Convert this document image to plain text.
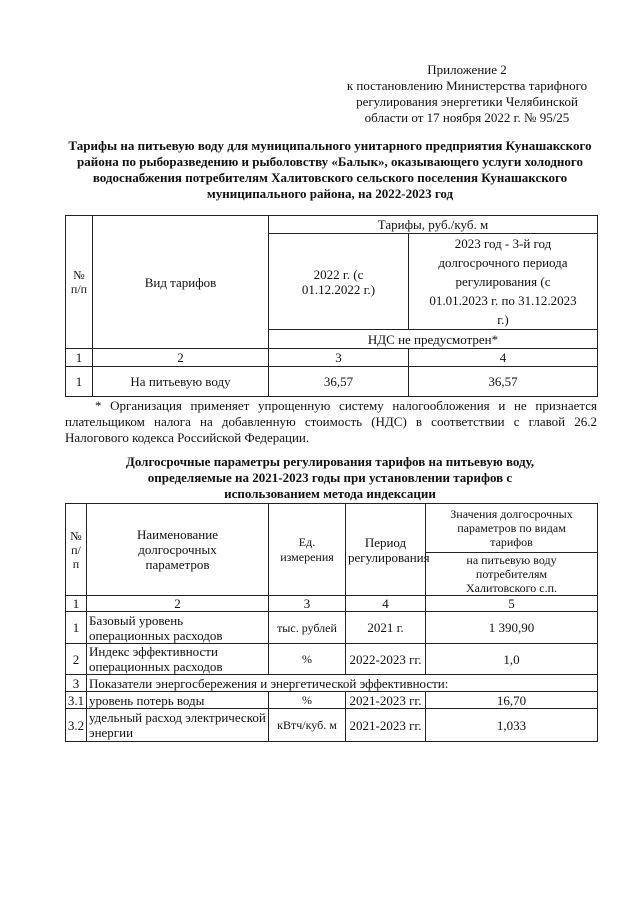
Приложение 2
к постановлению Министерства тарифного
регулирования энергетики Челябинской
области от 17 ноября 2022 г. № 95/25
Тарифы на питьевую воду для муниципального унитарного предприятия Кунашакского района по рыборазведению и рыболовству «Балык», оказывающего услуги холодного водоснабжения потребителям Халитовского сельского поселения Кунашакского муниципального района, на 2022-2023 год
№ п/п	Вид тарифов	Тарифы, руб./куб. м	
		2022 г. (с 01.12.2022 г.)	2023 год - 3-й год долгосрочного периода регулирования (с 01.01.2023 г. по 31.12.2023 г.)
		НДС не предусмотрен*	
1	2	3	4
1	На питьевую воду	36,57	36,57
* Организация применяет упрощенную систему налогообложения и не признается плательщиком налога на добавленную стоимость (НДС) в соответствии с главой 26.2 Налогового кодекса Российской Федерации.
Долгосрочные параметры регулирования тарифов на питьевую воду, определяемые на 2021-2023 годы при установлении тарифов с использованием метода индексации
№ п/п	Наименование долгосрочных параметров	Ед. измерения	Период регулирования	Значения долгосрочных параметров по видам тарифов
				на питьевую воду потребителям Халитовского с.п.
1	2	3	4	5
1	Базовый уровень операционных расходов	тыс. рублей	2021 г.	1 390,90
2	Индекс эффективности операционных расходов	%	2022-2023 гг.	1,0
3	Показатели энергосбережения и энергетической эффективности:			
3.1	уровень потерь воды	%	2021-2023 гг.	16,70
3.2	удельный расход электрической энергии	кВтч/куб. м	2021-2023 гг.	1,033
